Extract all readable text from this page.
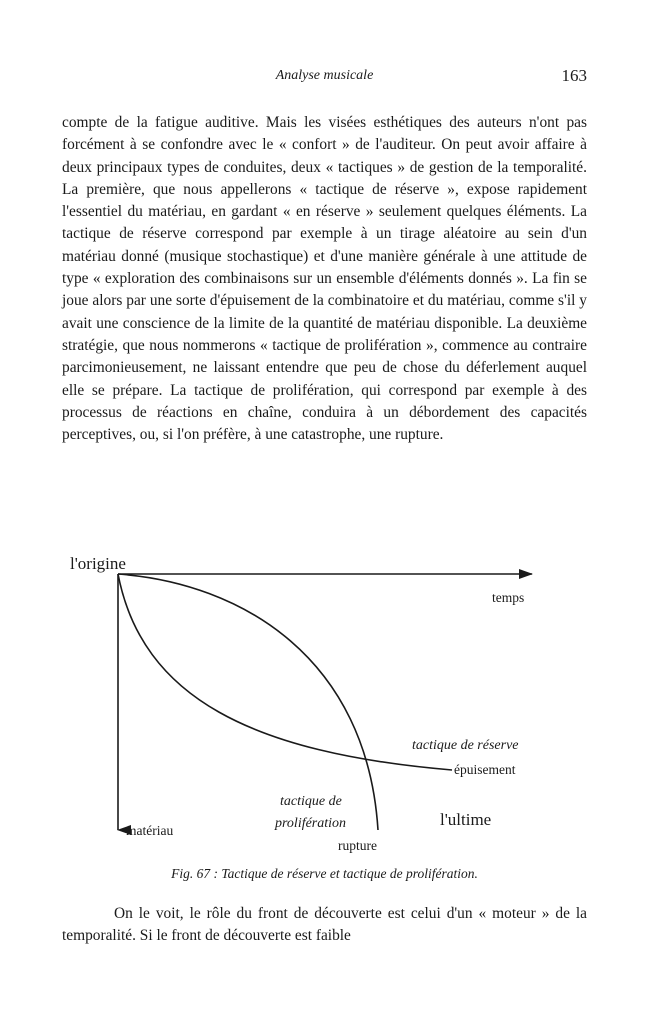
Analyse musicale	163

compte de la fatigue auditive. Mais les visées esthétiques des auteurs n'ont pas forcément à se confondre avec le « confort » de l'auditeur. On peut avoir affaire à deux principaux types de conduites, deux « tactiques » de gestion de la temporalité. La première, que nous appellerons « tactique de réserve », expose rapidement l'essentiel du matériau, en gardant « en réserve » seulement quelques éléments. La tactique de réserve correspond par exemple à un tirage aléatoire au sein d'un matériau donné (musique stochastique) et d'une manière générale à une attitude de type « exploration des combinaisons sur un ensemble d'éléments donnés ». La fin se joue alors par une sorte d'épuisement de la combinatoire et du matériau, comme s'il y avait une conscience de la limite de la quantité de matériau disponible. La deuxième stratégie, que nous nommerons « tactique de prolifération », commence au contraire parcimonieusement, ne laissant entendre que peu de chose du déferlement auquel elle se prépare. La tactique de prolifération, qui correspond par exemple à des processus de réactions en chaîne, conduira à un débordement des capacités perceptives, ou, si l'on préfère, à une catastrophe, une rupture.

l'origine
temps
tactique de réserve
épuisement
tactique de
prolifération	l'ultime
matériau
rupture
Fig. 67 : Tactique de réserve et tactique de prolifération.

On le voit, le rôle du front de découverte est celui d'un « moteur » de la temporalité. Si le front de découverte est faible
